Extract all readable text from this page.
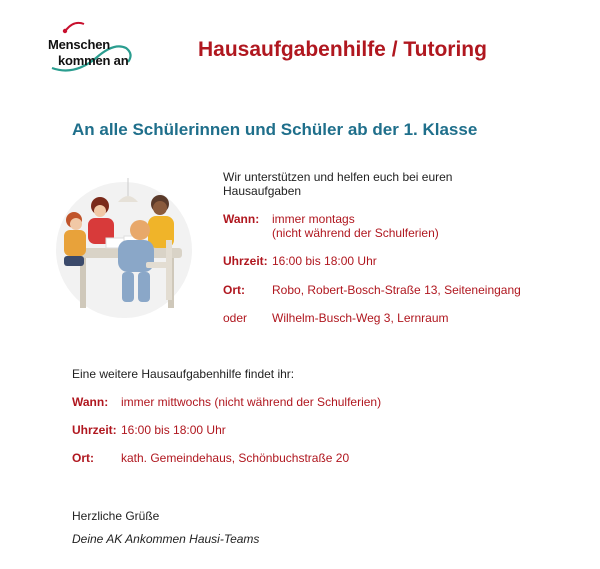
Menschen
kommen an	Hausaufgabenhilfe / Tutoring
An alle Schülerinnen und Schüler ab der 1. Klasse
Wir unterstützen und helfen euch bei euren
Hausaufgaben
Wann: immer montags
(nicht während der Schulferien)
Uhrzeit: 16:00 bis 18:00 Uhr
Ort: Robo, Robert-Bosch-Straße 13, Seiteneingang
oder Wilhelm-Busch-Weg 3, Lernraum
Eine weitere Hausaufgabenhilfe findet ihr:
Wann: immer mittwochs (nicht während der Schulferien)
Uhrzeit: 16:00 bis 18:00 Uhr
Ort: kath. Gemeindehaus, Schönbuchstraße 20
Herzliche Grüße
Deine AK Ankommen Hausi-Teams
